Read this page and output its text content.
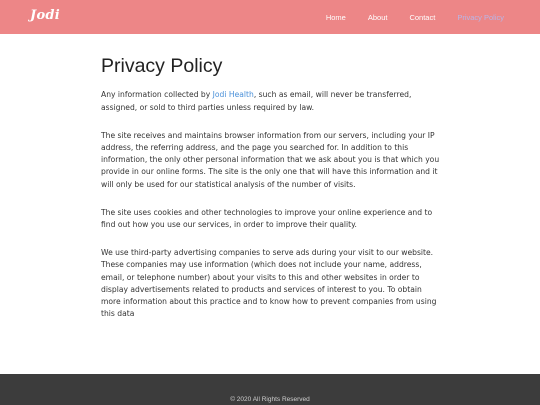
Jodi	Home	About	Contact	Privacy Policy
Privacy Policy

Any information collected by Jodi Health, such as email, will never be transferred, assigned, or sold to third parties unless required by law.

The site receives and maintains browser information from our servers, including your IP address, the referring address, and the page you searched for. In addition to this information, the only other personal information that we ask about you is that which you provide in our online forms. The site is the only one that will have this information and it will only be used for our statistical analysis of the number of visits.

The site uses cookies and other technologies to improve your online experience and to find out how you use our services, in order to improve their quality.

We use third-party advertising companies to serve ads during your visit to our website. These companies may use information (which does not include your name, address, email, or telephone number) about your visits to this and other websites in order to display advertisements related to products and services of interest to you. To obtain more information about this practice and to know how to prevent companies from using this data

© 2020 All Rights Reserved
